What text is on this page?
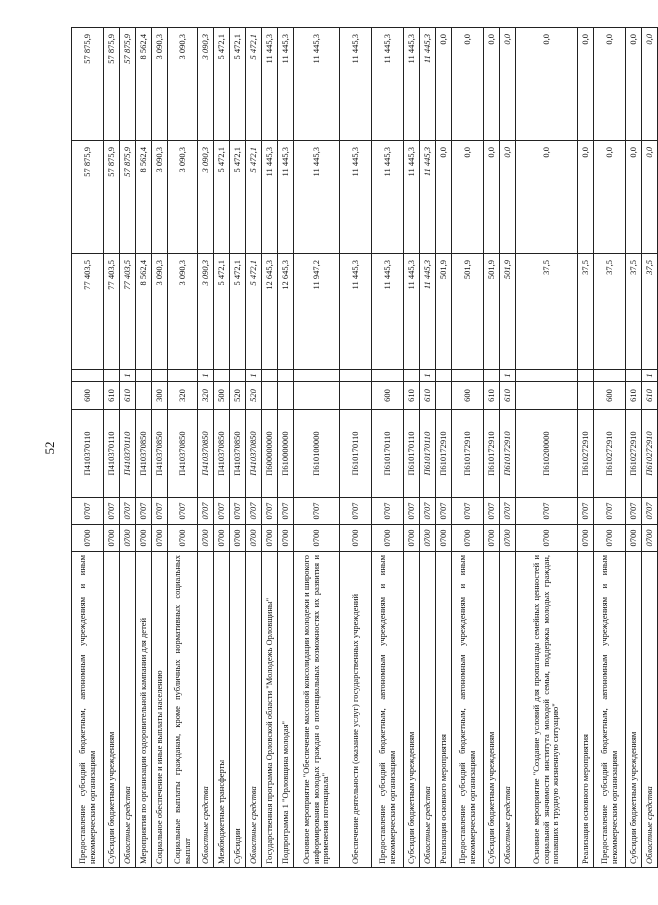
52
Предоставление субсидий бюджетным, автономным учреждениям и иным некоммерческим организациям	0700	0707	П410370110	600		77 403,5	57 875,9	57 875,9
Субсидии бюджетным учреждениям	0700	0707	П410370110	610		77 403,5	57 875,9	57 875,9
Областные средства	0700	0707	П410370110	610	1	77 403,5	57 875,9	57 875,9
Мероприятия по организации оздоровительной кампании для детей	0700	0707	П410370850			8 562,4	8 562,4	8 562,4
Социальное обеспечение и иные выплаты населению	0700	0707	П410370850	300		3 090,3	3 090,3	3 090,3
Социальные выплаты гражданам, кроме публичных нормативных социальных выплат	0700	0707	П410370850	320		3 090,3	3 090,3	3 090,3
Областные средства	0700	0707	П410370850	320	1	3 090,3	3 090,3	3 090,3
Межбюджетные трансферты	0700	0707	П410370850	500		5 472,1	5 472,1	5 472,1
Субсидии	0700	0707	П410370850	520		5 472,1	5 472,1	5 472,1
Областные средства	0700	0707	П410370850	520	1	5 472,1	5 472,1	5 472,1
Государственная программа Орловской области "Молодежь Орловщины"	0700	0707	П600000000			12 645,3	11 445,3	11 445,3
Подпрограмма 1 "Орловщина молодая"	0700	0707	П610000000			12 645,3	11 445,3	11 445,3
Основное мероприятие "Обеспечение массовой консолидации молодежи и широкого информирования молодых граждан о потенциальных возможностях их развития и применения потенциала"	0700	0707	П610100000			11 947,2	11 445,3	11 445,3
Обеспечение деятельности (оказание услуг) государственных учреждений	0700	0707	П610170110			11 445,3	11 445,3	11 445,3
Предоставление субсидий бюджетным, автономным учреждениям и иным некоммерческим организациям	0700	0707	П610170110	600		11 445,3	11 445,3	11 445,3
Субсидии бюджетным учреждениям	0700	0707	П610170110	610		11 445,3	11 445,3	11 445,3
Областные средства	0700	0707	П610170110	610	1	11 445,3	11 445,3	11 445,3
Реализация основного мероприятия	0700	0707	П610172910			501,9	0,0	0,0
Предоставление субсидий бюджетным, автономным учреждениям и иным некоммерческим организациям	0700	0707	П610172910	600		501,9	0,0	0,0
Субсидии бюджетным учреждениям	0700	0707	П610172910	610		501,9	0,0	0,0
Областные средства	0700	0707	П610172910	610	1	501,9	0,0	0,0
Основное мероприятие "Создание условий для пропаганды семейных ценностей и социальной значимости института молодой семьи, поддержка молодых граждан, попавших в трудную жизненную ситуацию"	0700	0707	П610200000			37,5	0,0	0,0
Реализация основного мероприятия	0700	0707	П610272910			37,5	0,0	0,0
Предоставление субсидий бюджетным, автономным учреждениям и иным некоммерческим организациям	0700	0707	П610272910	600		37,5	0,0	0,0
Субсидии бюджетным учреждениям	0700	0707	П610272910	610		37,5	0,0	0,0
Областные средства	0700	0707	П610272910	610	1	37,5	0,0	0,0
